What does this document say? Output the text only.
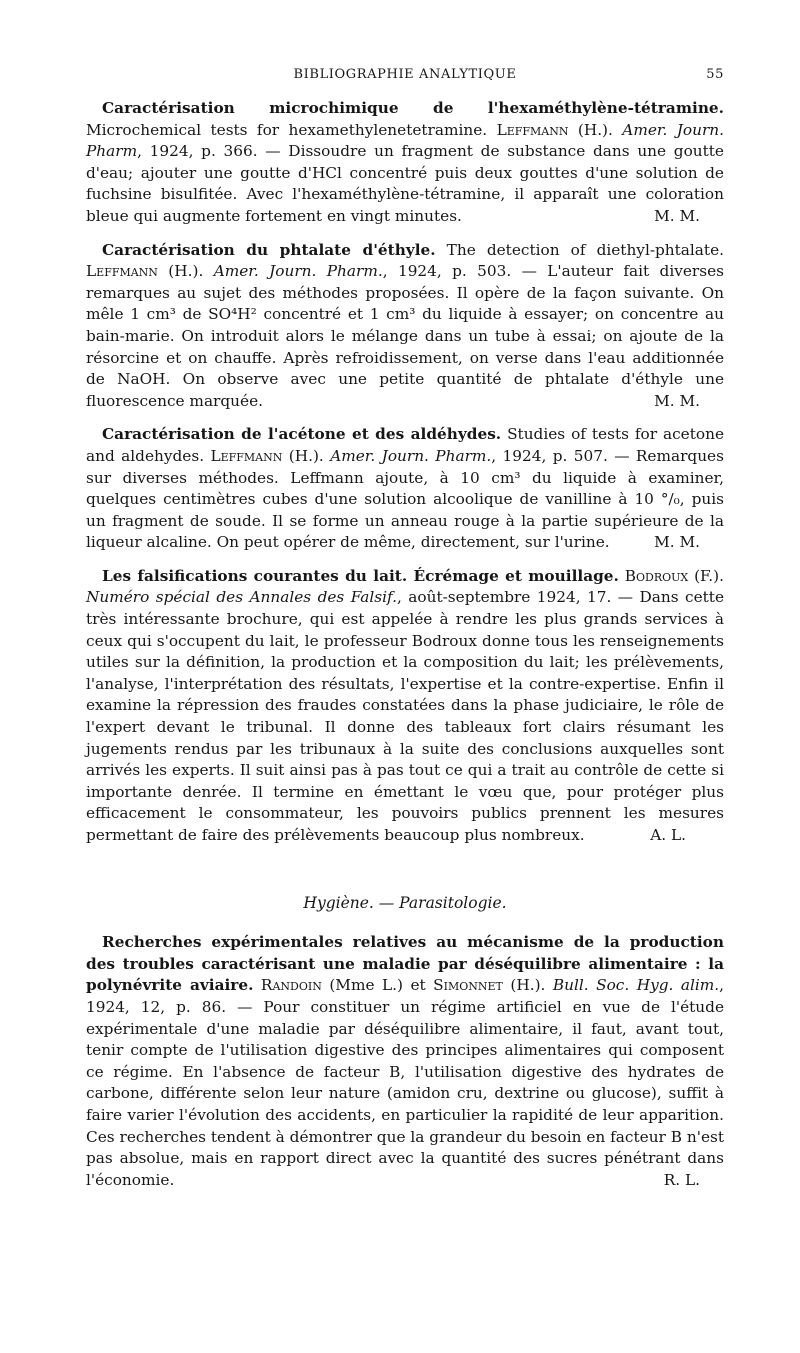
BIBLIOGRAPHIE ANALYTIQUE	55

Caractérisation microchimique de l'hexaméthylène-tétramine. Microchemical tests for hexamethylenetetramine. Leffmann (H.). Amer. Journ. Pharm, 1924, p. 366. — Dissoudre un fragment de substance dans une goutte d'eau; ajouter une goutte d'HCl concentré puis deux gouttes d'une solution de fuchsine bisulfitée. Avec l'hexaméthylène-tétramine, il apparaît une coloration bleue qui augmente fortement en vingt minutes.	M. M.

Caractérisation du phtalate d'éthyle. The detection of diethyl-phtalate. Leffmann (H.). Amer. Journ. Pharm., 1924, p. 503. — L'auteur fait diverses remarques au sujet des méthodes proposées. Il opère de la façon suivante. On mêle 1 cm³ de SO⁴H² concentré et 1 cm³ du liquide à essayer; on concentre au bain-marie. On introduit alors le mélange dans un tube à essai; on ajoute de la résorcine et on chauffe. Après refroidissement, on verse dans l'eau additionnée de NaOH. On observe avec une petite quantité de phtalate d'éthyle une fluorescence marquée.	M. M.

Caractérisation de l'acétone et des aldéhydes. Studies of tests for acetone and aldehydes. Leffmann (H.). Amer. Journ. Pharm., 1924, p. 507. — Remarques sur diverses méthodes. Leffmann ajoute, à 10 cm³ du liquide à examiner, quelques centimètres cubes d'une solution alcoolique de vanilline à 10 °/₀, puis un fragment de soude. Il se forme un anneau rouge à la partie supérieure de la liqueur alcaline. On peut opérer de même, directement, sur l'urine.	M. M.

Les falsifications courantes du lait. Écrémage et mouillage. Bodroux (F.). Numéro spécial des Annales des Falsif., août-septembre 1924, 17. — Dans cette très intéressante brochure, qui est appelée à rendre les plus grands services à ceux qui s'occupent du lait, le professeur Bodroux donne tous les renseignements utiles sur la définition, la production et la composition du lait; les prélèvements, l'analyse, l'interprétation des résultats, l'expertise et la contre-expertise. Enfin il examine la répression des fraudes constatées dans la phase judiciaire, le rôle de l'expert devant le tribunal. Il donne des tableaux fort clairs résumant les jugements rendus par les tribunaux à la suite des conclusions auxquelles sont arrivés les experts. Il suit ainsi pas à pas tout ce qui a trait au contrôle de cette si importante denrée. Il termine en émettant le vœu que, pour protéger plus efficacement le consommateur, les pouvoirs publics prennent les mesures permettant de faire des prélèvements beaucoup plus nombreux.	A. L.

Hygiène. — Parasitologie.

Recherches expérimentales relatives au mécanisme de la production des troubles caractérisant une maladie par déséquilibre alimentaire : la polynévrite aviaire. Randoin (Mme L.) et Simonnet (H.). Bull. Soc. Hyg. alim., 1924, 12, p. 86. — Pour constituer un régime artificiel en vue de l'étude expérimentale d'une maladie par déséquilibre alimentaire, il faut, avant tout, tenir compte de l'utilisation digestive des principes alimentaires qui composent ce régime. En l'absence de facteur B, l'utilisation digestive des hydrates de carbone, différente selon leur nature (amidon cru, dextrine ou glucose), suffit à faire varier l'évolution des accidents, en particulier la rapidité de leur apparition. Ces recherches tendent à démontrer que la grandeur du besoin en facteur B n'est pas absolue, mais en rapport direct avec la quantité des sucres pénétrant dans l'économie.	R. L.
